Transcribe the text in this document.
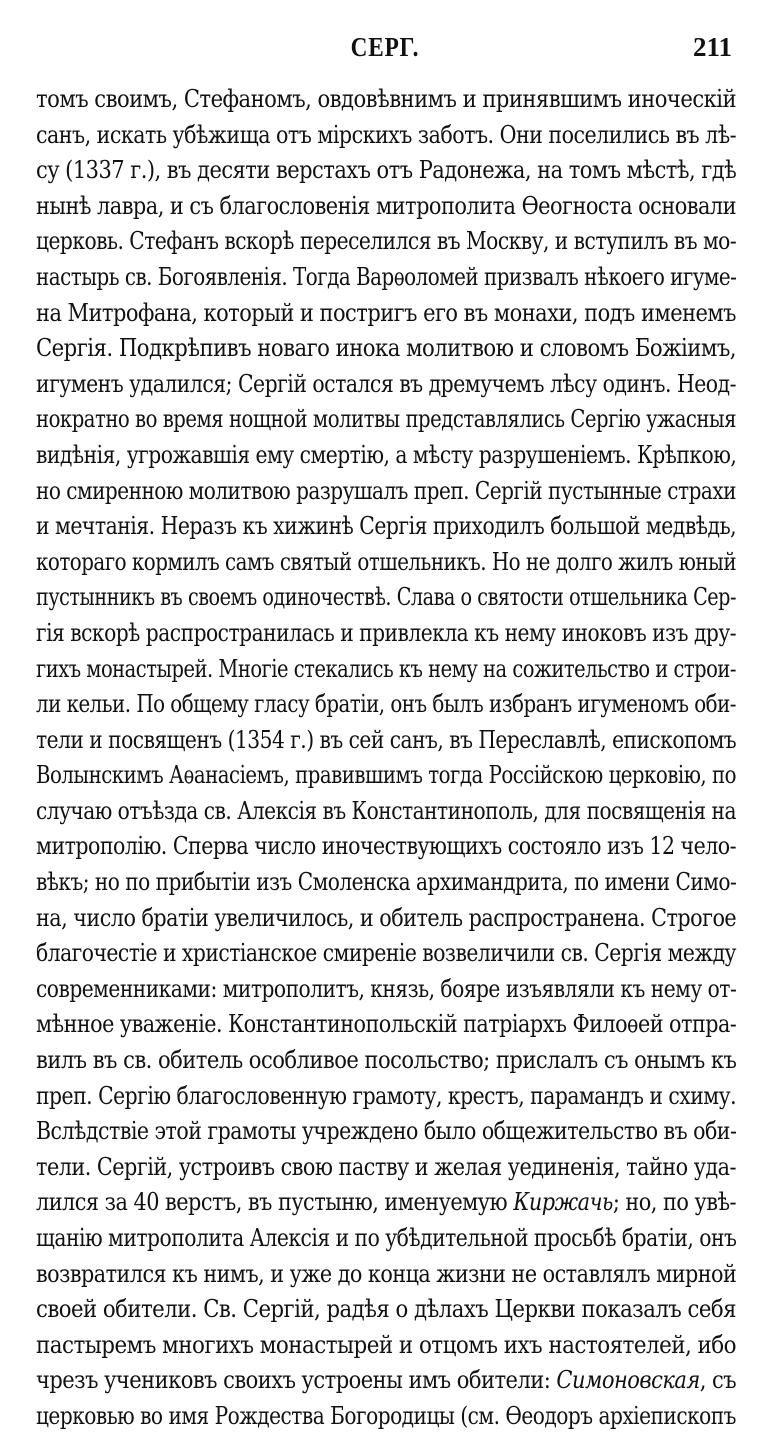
СЕРГ.	211
томъ своимъ, Стефаномъ, овдовѣвнимъ и принявшимъ иноческій
санъ, искать убѣжища отъ мірскихъ заботъ. Они поселились въ лѣ-
су (1337 г.), въ десяти верстахъ отъ Радонежа, на томъ мѣстѣ, гдѣ
нынѣ лавра, и съ благословенія митрополита Ѳеогноста основали
церковь. Стефанъ вскорѣ переселился въ Москву, и вступилъ въ мо-
настырь св. Богоявленія. Тогда Варѳоломей призвалъ нѣкоего игуме-
на Митрофана, который и постригъ его въ монахи, подъ именемъ
Сергія. Подкрѣпивъ новаго инока молитвою и словомъ Божіимъ,
игуменъ удалился; Сергій остался въ дремучемъ лѣсу одинъ. Неод-
нократно во время нощной молитвы представлялись Сергію ужасныя
видѣнія, угрожавшія ему смертію, а мѣсту разрушеніемъ. Крѣпкою,
но смиренною молитвою разрушалъ преп. Сергій пустынные страхи
и мечтанія. Неразъ къ хижинѣ Сергія приходилъ большой медвѣдь,
котораго кормилъ самъ святый отшельникъ. Но не долго жилъ юный
пустынникъ въ своемъ одиночествѣ. Слава о святости отшельника Сер-
гія вскорѣ распространилась и привлекла къ нему иноковъ изъ дру-
гихъ монастырей. Многіе стекались къ нему на сожительство и строи-
ли кельи. По общему гласу братіи, онъ былъ избранъ игуменомъ оби-
тели и посвященъ (1354 г.) въ сей санъ, въ Переславлѣ, епископомъ
Волынскимъ Аѳанасіемъ, правившимъ тогда Россійскою церковію, по
случаю отъѣзда св. Алексія въ Константинополь, для посвященія на
митрополію. Сперва число иночествующихъ состояло изъ 12 чело-
вѣкъ; но по прибытіи изъ Смоленска архимандрита, по имени Симо-
на, число братіи увеличилось, и обитель распространена. Строгое
благочестіе и христіанское смиреніе возвеличили св. Сергія между
современниками: митрополитъ, князь, бояре изъявляли къ нему от-
мѣнное уваженіе. Константинопольскій патріархъ Филоѳей отпра-
вилъ въ св. обитель особливое посольство; прислалъ съ онымъ къ
преп. Сергію благословенную грамоту, крестъ, парамандъ и схиму.
Вслѣдствіе этой грамоты учреждено было общежительство въ оби-
тели. Сергій, устроивъ свою паству и желая уединенія, тайно уда-
лился за 40 верстъ, въ пустыню, именуемую Киржачь; но, по увѣ-
щанію митрополита Алексія и по убѣдительной просьбѣ братіи, онъ
возвратился къ нимъ, и уже до конца жизни не оставлялъ мирной
своей обители. Св. Сергій, радѣя о дѣлахъ Церкви показалъ себя
пастыремъ многихъ монастырей и отцомъ ихъ настоятелей, ибо
чрезъ учениковъ своихъ устроены имъ обители: Симоновская, съ
церковью во имя Рождества Богородицы (см. Ѳеодоръ архіепископъ
